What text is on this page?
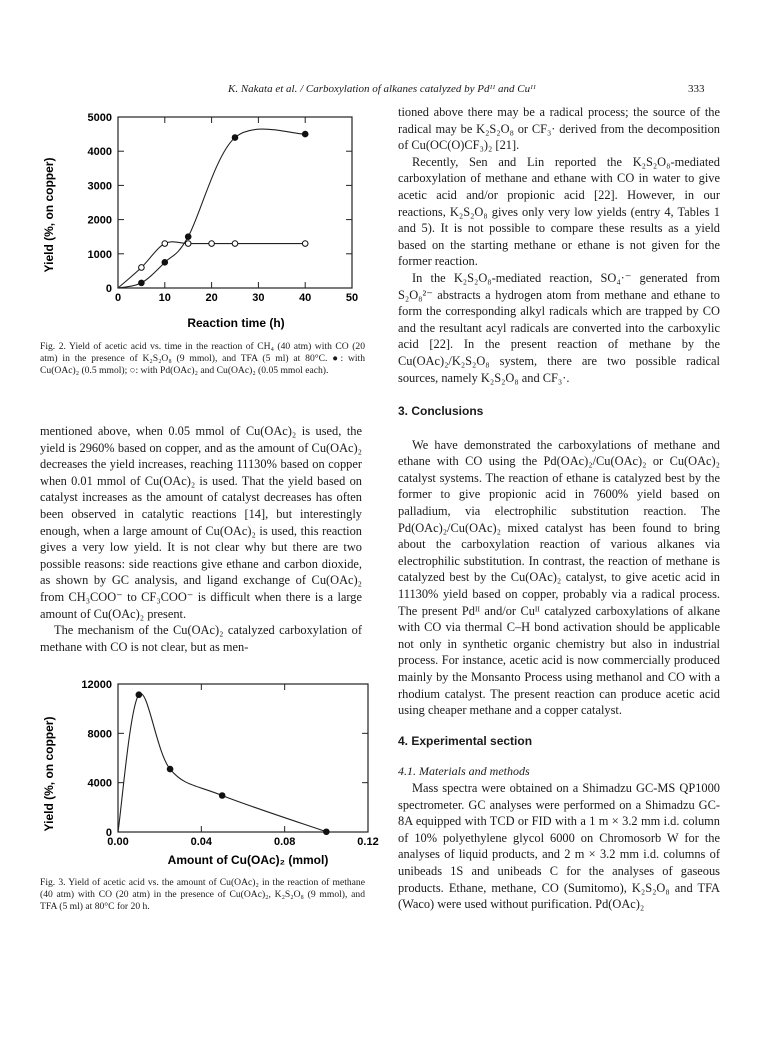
K. Nakata et al. / Carboxylation of alkanes catalyzed by Pdᴵᴵ and Cuᴵᴵ	333
Yield (%, on copper)
Reaction time (h)
0	10	20	30	40	50
0
1000
2000
3000
4000
5000
Fig. 2. Yield of acetic acid vs. time in the reaction of CH₄ (40 atm) with CO (20 atm) in the presence of K₂S₂O₈ (9 mmol), and TFA (5 ml) at 80°C. ●: with Cu(OAc)₂ (0.5 mmol); ○: with Pd(OAc)₂ and Cu(OAc)₂ (0.05 mmol each).

mentioned above, when 0.05 mmol of Cu(OAc)₂ is used, the yield is 2960% based on copper, and as the amount of Cu(OAc)₂ decreases the yield increases, reaching 11130% based on copper when 0.01 mmol of Cu(OAc)₂ is used. That the yield based on catalyst increases as the amount of catalyst decreases has often been observed in catalytic reactions [14], but interestingly enough, when a large amount of Cu(OAc)₂ is used, this reaction gives a very low yield. It is not clear why but there are two possible reasons: side reactions give ethane and carbon dioxide, as shown by GC analysis, and ligand exchange of Cu(OAc)₂ from CH₃COO⁻ to CF₃COO⁻ is difficult when there is a large amount of Cu(OAc)₂ present.

The mechanism of the Cu(OAc)₂ catalyzed carboxylation of methane with CO is not clear, but as men-

Yield (%, on copper)
Amount of Cu(OAc)₂ (mmol)
0.00	0.04	0.08	0.12
0
4000
8000
12000
Fig. 3. Yield of acetic acid vs. the amount of Cu(OAc)₂ in the reaction of methane (40 atm) with CO (20 atm) in the presence of Cu(OAc)₂, K₂S₂O₈ (9 mmol), and TFA (5 ml) at 80°C for 20 h.

tioned above there may be a radical process; the source of the radical may be K₂S₂O₈ or CF₃· derived from the decomposition of Cu(OC(O)CF₃)₂ [21].

Recently, Sen and Lin reported the K₂S₂O₈-mediated carboxylation of methane and ethane with CO in water to give acetic acid and/or propionic acid [22]. However, in our reactions, K₂S₂O₈ gives only very low yields (entry 4, Tables 1 and 5). It is not possible to compare these results as a yield based on the starting methane or ethane is not given for the former reaction.

In the K₂S₂O₈-mediated reaction, SO₄·⁻ generated from S₂O₈²⁻ abstracts a hydrogen atom from methane and ethane to form the corresponding alkyl radicals which are trapped by CO and the resultant acyl radicals are converted into the carboxylic acid [22]. In the present reaction of methane by the Cu(OAc)₂/K₂S₂O₈ system, there are two possible radical sources, namely K₂S₂O₈ and CF₃·.

3. Conclusions

We have demonstrated the carboxylations of methane and ethane with CO using the Pd(OAc)₂/Cu(OAc)₂ or Cu(OAc)₂ catalyst systems. The reaction of ethane is catalyzed best by the former to give propionic acid in 7600% yield based on palladium, via electrophilic substitution reaction. The Pd(OAc)₂/Cu(OAc)₂ mixed catalyst has been found to bring about the carboxylation reaction of various alkanes via electrophilic substitution. In contrast, the reaction of methane is catalyzed best by the Cu(OAc)₂ catalyst, to give acetic acid in 11130% yield based on copper, probably via a radical process. The present Pdᴵᴵ and/or Cuᴵᴵ catalyzed carboxylations of alkane with CO via thermal C–H bond activation should be applicable not only in synthetic organic chemistry but also in industrial process. For instance, acetic acid is now commercially produced mainly by the Monsanto Process using methanol and CO with a rhodium catalyst. The present reaction can produce acetic acid using cheaper methane and a copper catalyst.

4. Experimental section

4.1. Materials and methods

Mass spectra were obtained on a Shimadzu GC-MS QP1000 spectrometer. GC analyses were performed on a Shimadzu GC-8A equipped with TCD or FID with a 1 m × 3.2 mm i.d. column of 10% polyethylene glycol 6000 on Chromosorb W for the analyses of liquid products, and 2 m × 3.2 mm i.d. columns of unibeads 1S and unibeads C for the analyses of gaseous products. Ethane, methane, CO (Sumitomo), K₂S₂O₈ and TFA (Waco) were used without purification. Pd(OAc)₂
